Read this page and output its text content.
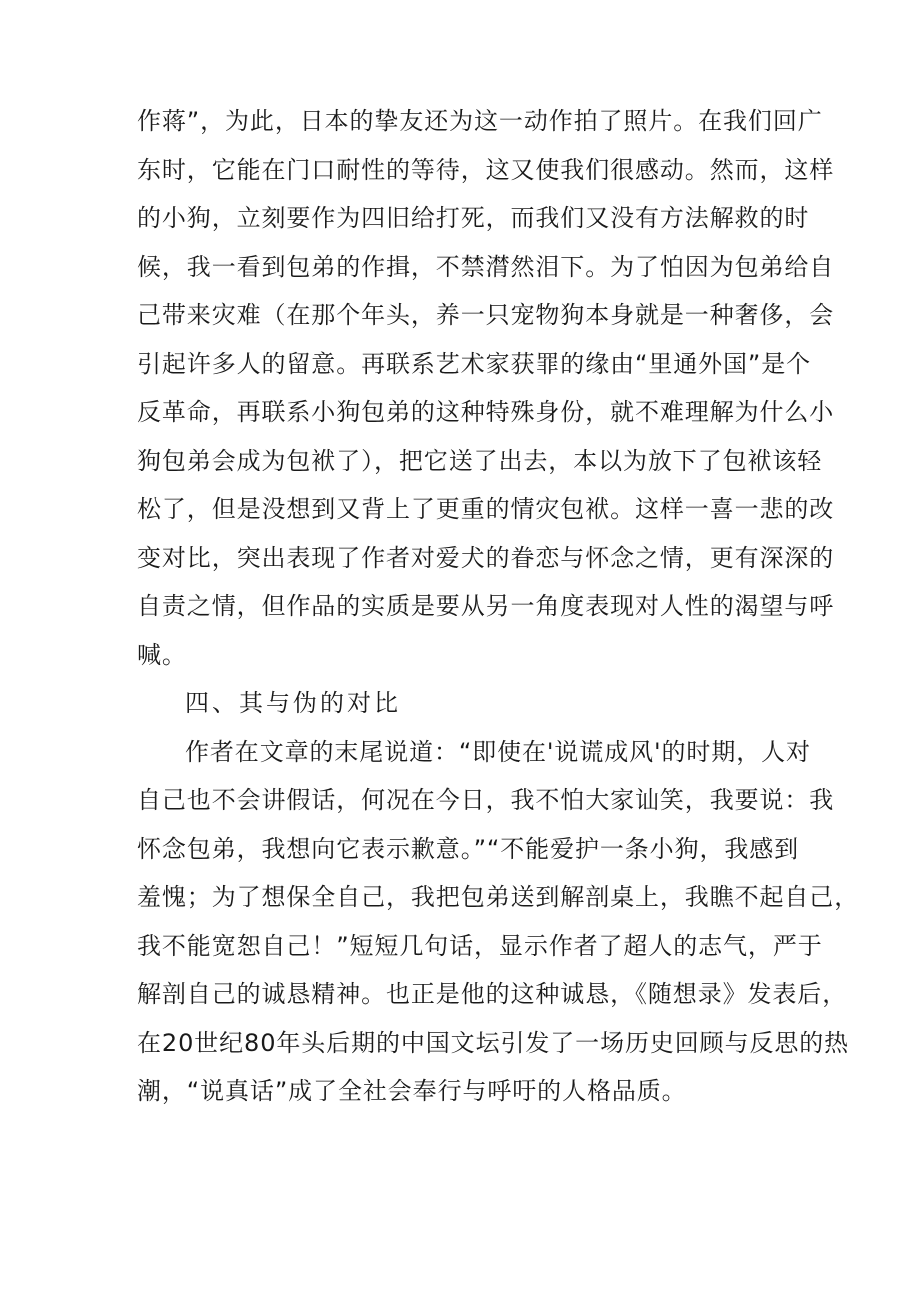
作蒋”，为此，日本的挚友还为这一动作拍了照片。在我们回广
东时，它能在门口耐性的等待，这又使我们很感动。然而，这样
的小狗，立刻要作为四旧给打死，而我们又没有方法解救的时
候，我一看到包弟的作揖，不禁潸然泪下。为了怕因为包弟给自
己带来灾难（在那个年头，养一只宠物狗本身就是一种奢侈，会
引起许多人的留意。再联系艺术家获罪的缘由“里通外国”是个
反革命，再联系小狗包弟的这种特殊身份，就不难理解为什么小
狗包弟会成为包袱了），把它送了出去，本以为放下了包袱该轻
松了，但是没想到又背上了更重的情灾包袱。这样一喜一悲的改
变对比，突出表现了作者对爱犬的眷恋与怀念之情，更有深深的
自责之情，但作品的实质是要从另一角度表现对人性的渴望与呼
喊。
四、其与伪的对比
作者在文章的末尾说道：“即使在'说谎成风'的时期，人对
自己也不会讲假话，何况在今日，我不怕大家讪笑，我要说：我
怀念包弟，我想向它表示歉意。”“不能爱护一条小狗，我感到
羞愧；为了想保全自己，我把包弟送到解剖桌上，我瞧不起自己，
我不能宽恕自己！”短短几句话，显示作者了超人的志气，严于
解剖自己的诚恳精神。也正是他的这种诚恳，《随想录》发表后，
在20世纪80年头后期的中国文坛引发了一场历史回顾与反思的热
潮，“说真话”成了全社会奉行与呼吁的人格品质。
